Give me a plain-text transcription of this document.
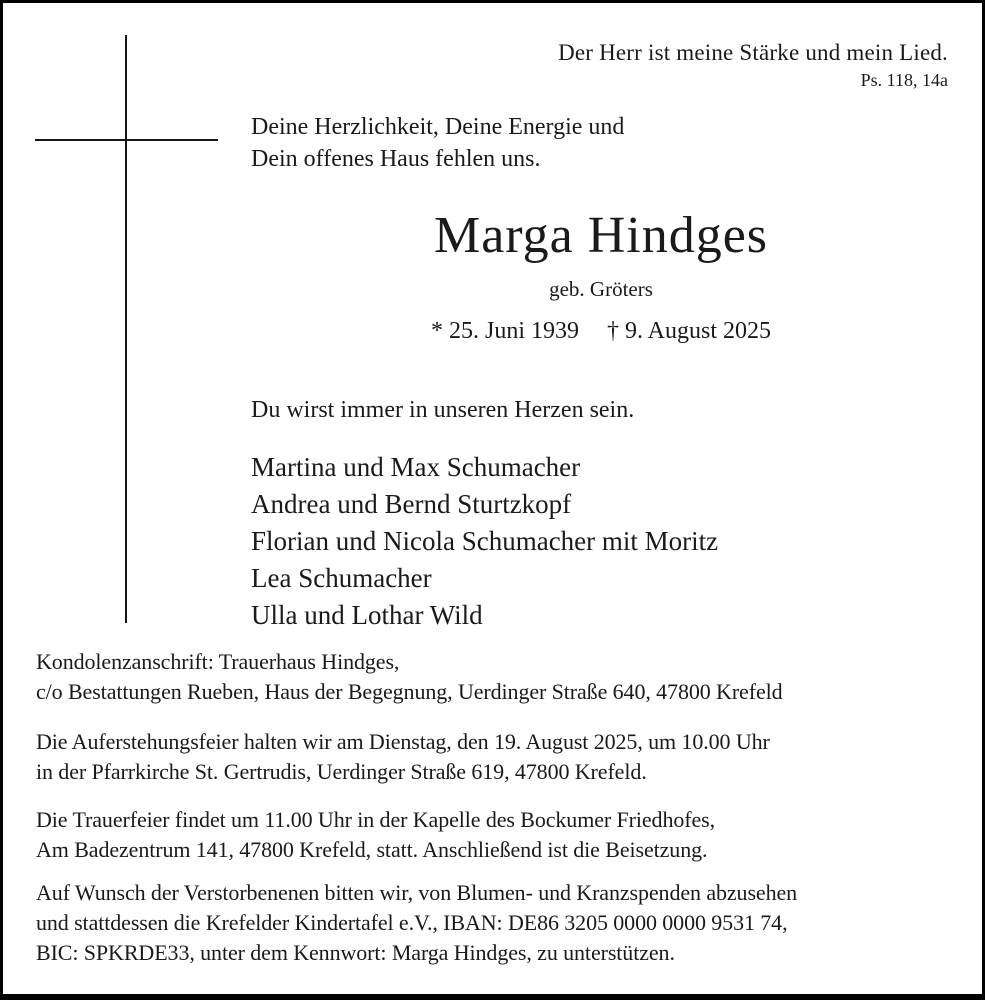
Der Herr ist meine Stärke und mein Lied.
Ps. 118, 14a
Deine Herzlichkeit, Deine Energie und
Dein offenes Haus fehlen uns.
Marga Hindges
geb. Gröters
* 25. Juni 1939 † 9. August 2025
Du wirst immer in unseren Herzen sein.
Martina und Max Schumacher
Andrea und Bernd Sturtzkopf
Florian und Nicola Schumacher mit Moritz
Lea Schumacher
Ulla und Lothar Wild
Kondolenzanschrift: Trauerhaus Hindges,
c/o Bestattungen Rueben, Haus der Begegnung, Uerdinger Straße 640, 47800 Krefeld
Die Auferstehungsfeier halten wir am Dienstag, den 19. August 2025, um 10.00 Uhr
in der Pfarrkirche St. Gertrudis, Uerdinger Straße 619, 47800 Krefeld.
Die Trauerfeier findet um 11.00 Uhr in der Kapelle des Bockumer Friedhofes,
Am Badezentrum 141, 47800 Krefeld, statt. Anschließend ist die Beisetzung.
Auf Wunsch der Verstorbenenen bitten wir, von Blumen- und Kranzspenden abzusehen
und stattdessen die Krefelder Kindertafel e.V., IBAN: DE86 3205 0000 0000 9531 74,
BIC: SPKRDE33, unter dem Kennwort: Marga Hindges, zu unterstützen.
